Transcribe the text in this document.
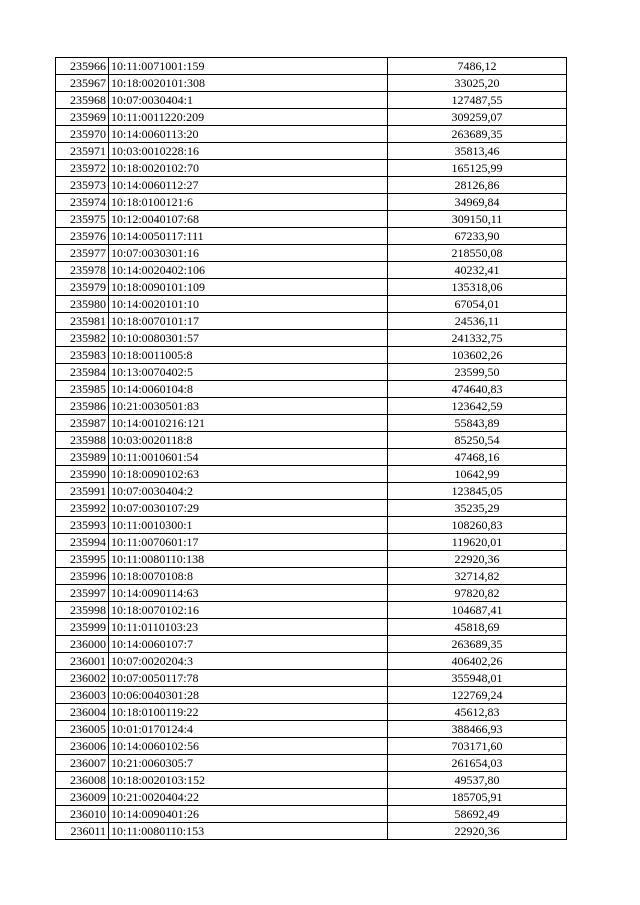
235966	10:11:0071001:159	7486,12
235967	10:18:0020101:308	33025,20
235968	10:07:0030404:1	127487,55
235969	10:11:0011220:209	309259,07
235970	10:14:0060113:20	263689,35
235971	10:03:0010228:16	35813,46
235972	10:18:0020102:70	165125,99
235973	10:14:0060112:27	28126,86
235974	10:18:0100121:6	34969,84
235975	10:12:0040107:68	309150,11
235976	10:14:0050117:111	67233,90
235977	10:07:0030301:16	218550,08
235978	10:14:0020402:106	40232,41
235979	10:18:0090101:109	135318,06
235980	10:14:0020101:10	67054,01
235981	10:18:0070101:17	24536,11
235982	10:10:0080301:57	241332,75
235983	10:18:0011005:8	103602,26
235984	10:13:0070402:5	23599,50
235985	10:14:0060104:8	474640,83
235986	10:21:0030501:83	123642,59
235987	10:14:0010216:121	55843,89
235988	10:03:0020118:8	85250,54
235989	10:11:0010601:54	47468,16
235990	10:18:0090102:63	10642,99
235991	10:07:0030404:2	123845,05
235992	10:07:0030107:29	35235,29
235993	10:11:0010300:1	108260,83
235994	10:11:0070601:17	119620,01
235995	10:11:0080110:138	22920,36
235996	10:18:0070108:8	32714,82
235997	10:14:0090114:63	97820,82
235998	10:18:0070102:16	104687,41
235999	10:11:0110103:23	45818,69
236000	10:14:0060107:7	263689,35
236001	10:07:0020204:3	406402,26
236002	10:07:0050117:78	355948,01
236003	10:06:0040301:28	122769,24
236004	10:18:0100119:22	45612,83
236005	10:01:0170124:4	388466,93
236006	10:14:0060102:56	703171,60
236007	10:21:0060305:7	261654,03
236008	10:18:0020103:152	49537,80
236009	10:21:0020404:22	185705,91
236010	10:14:0090401:26	58692,49
236011	10:11:0080110:153	22920,36
